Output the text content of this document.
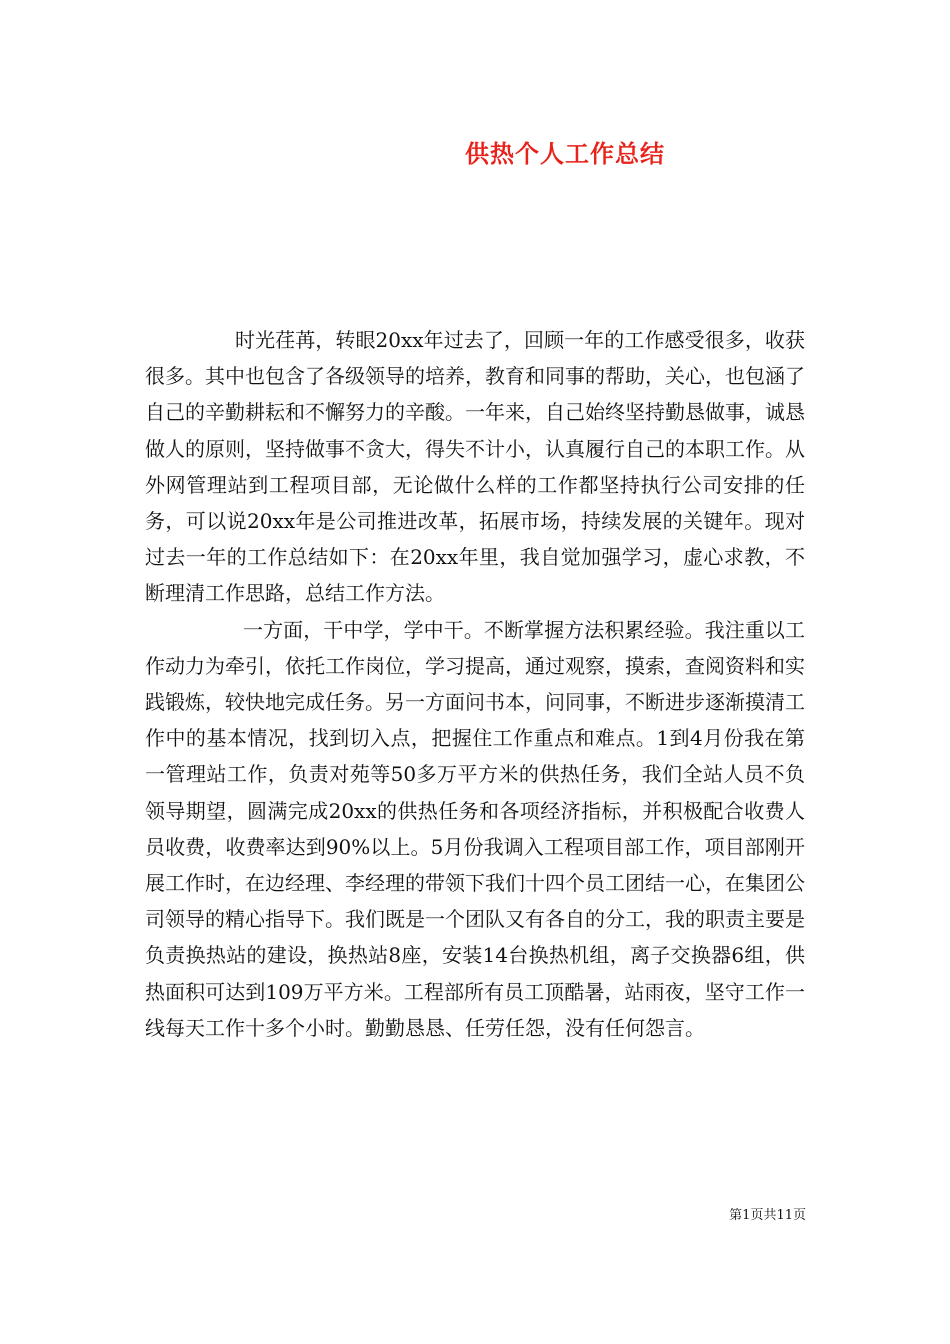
供热个人工作总结

时光荏苒，转眼20xx年过去了，回顾一年的工作感受很多，收获很多。其中也包含了各级领导的培养，教育和同事的帮助，关心，也包涵了自己的辛勤耕耘和不懈努力的辛酸。一年来，自己始终坚持勤恳做事，诚恳做人的原则，坚持做事不贪大，得失不计小，认真履行自己的本职工作。从外网管理站到工程项目部，无论做什么样的工作都坚持执行公司安排的任务，可以说20xx年是公司推进改革，拓展市场，持续发展的关键年。现对过去一年的工作总结如下：在20xx年里，我自觉加强学习，虚心求教，不断理清工作思路，总结工作方法。

一方面，干中学，学中干。不断掌握方法积累经验。我注重以工作动力为牵引，依托工作岗位，学习提高，通过观察，摸索，查阅资料和实践锻炼，较快地完成任务。另一方面问书本，问同事，不断进步逐渐摸清工作中的基本情况，找到切入点，把握住工作重点和难点。1到4月份我在第一管理站工作，负责对苑等50多万平方米的供热任务，我们全站人员不负领导期望，圆满完成20xx的供热任务和各项经济指标，并积极配合收费人员收费，收费率达到90%以上。5月份我调入工程项目部工作，项目部刚开展工作时，在边经理、李经理的带领下我们十四个员工团结一心，在集团公司领导的精心指导下。我们既是一个团队又有各自的分工，我的职责主要是负责换热站的建设，换热站8座，安装14台换热机组，离子交换器6组，供热面积可达到109万平方米。工程部所有员工顶酷暑，站雨夜，坚守工作一线每天工作十多个小时。勤勤恳恳、任劳任怨，没有任何怨言。

第1页共11页
